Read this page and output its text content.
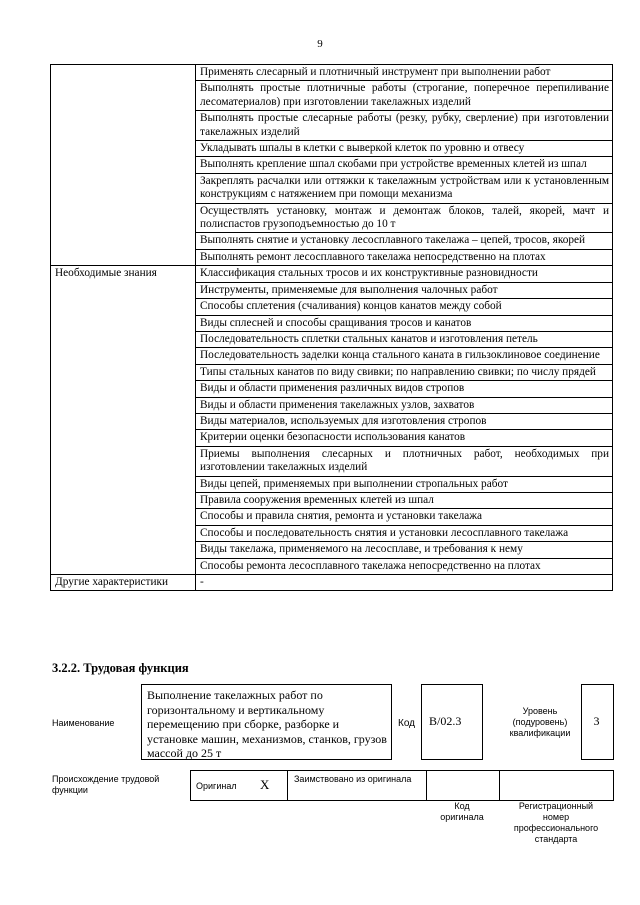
9
	Применять слесарный и плотничный инструмент при выполнении работ
	Выполнять простые плотничные работы (строгание, поперечное перепиливание лесоматериалов) при изготовлении такелажных изделий
	Выполнять простые слесарные работы (резку, рубку, сверление) при изготовлении такелажных изделий
	Укладывать шпалы в клетки с выверкой клеток по уровню и отвесу
	Выполнять крепление шпал скобами при устройстве временных клетей из шпал
	Закреплять расчалки или оттяжки к такелажным устройствам или к установленным конструкциям с натяжением при помощи механизма
	Осуществлять установку, монтаж и демонтаж блоков, талей, якорей, мачт и полиспастов грузоподъемностью до 10 т
	Выполнять снятие и установку лесосплавного такелажа – цепей, тросов, якорей
	Выполнять ремонт лесосплавного такелажа непосредственно на плотах
Необходимые знания	Классификация стальных тросов и их конструктивные разновидности
	Инструменты, применяемые для выполнения чалочных работ
	Способы сплетения (счаливания) концов канатов между собой
	Виды сплесней и способы сращивания тросов и канатов
	Последовательность сплетки стальных канатов и изготовления петель
	Последовательность заделки конца стального каната в гильзоклиновое соединение
	Типы стальных канатов по виду свивки; по направлению свивки; по числу прядей
	Виды и области применения различных видов стропов
	Виды и области применения такелажных узлов, захватов
	Виды материалов, используемых для изготовления стропов
	Критерии оценки безопасности использования канатов
	Приемы выполнения слесарных и плотничных работ, необходимых при изготовлении такелажных изделий
	Виды цепей, применяемых при выполнении стропальных работ
	Правила сооружения временных клетей из шпал
	Способы и правила снятия, ремонта и установки такелажа
	Способы и последовательность снятия и установки лесосплавного такелажа
	Виды такелажа, применяемого на лесосплаве, и требования к нему
	Способы ремонта лесосплавного такелажа непосредственно на плотах
Другие характеристики	-
3.2.2. Трудовая функция
Наименование
Выполнение такелажных работ по горизонтальному и вертикальному перемещению при сборке, разборке и установке машин, механизмов, станков, грузов массой до 25 т
Код B/02.3
Уровень (подуровень) квалификации
3
Происхождение трудовой функции	Оригинал X	Заимствовано из оригинала
Код оригинала
Регистрационный номер профессионального стандарта
